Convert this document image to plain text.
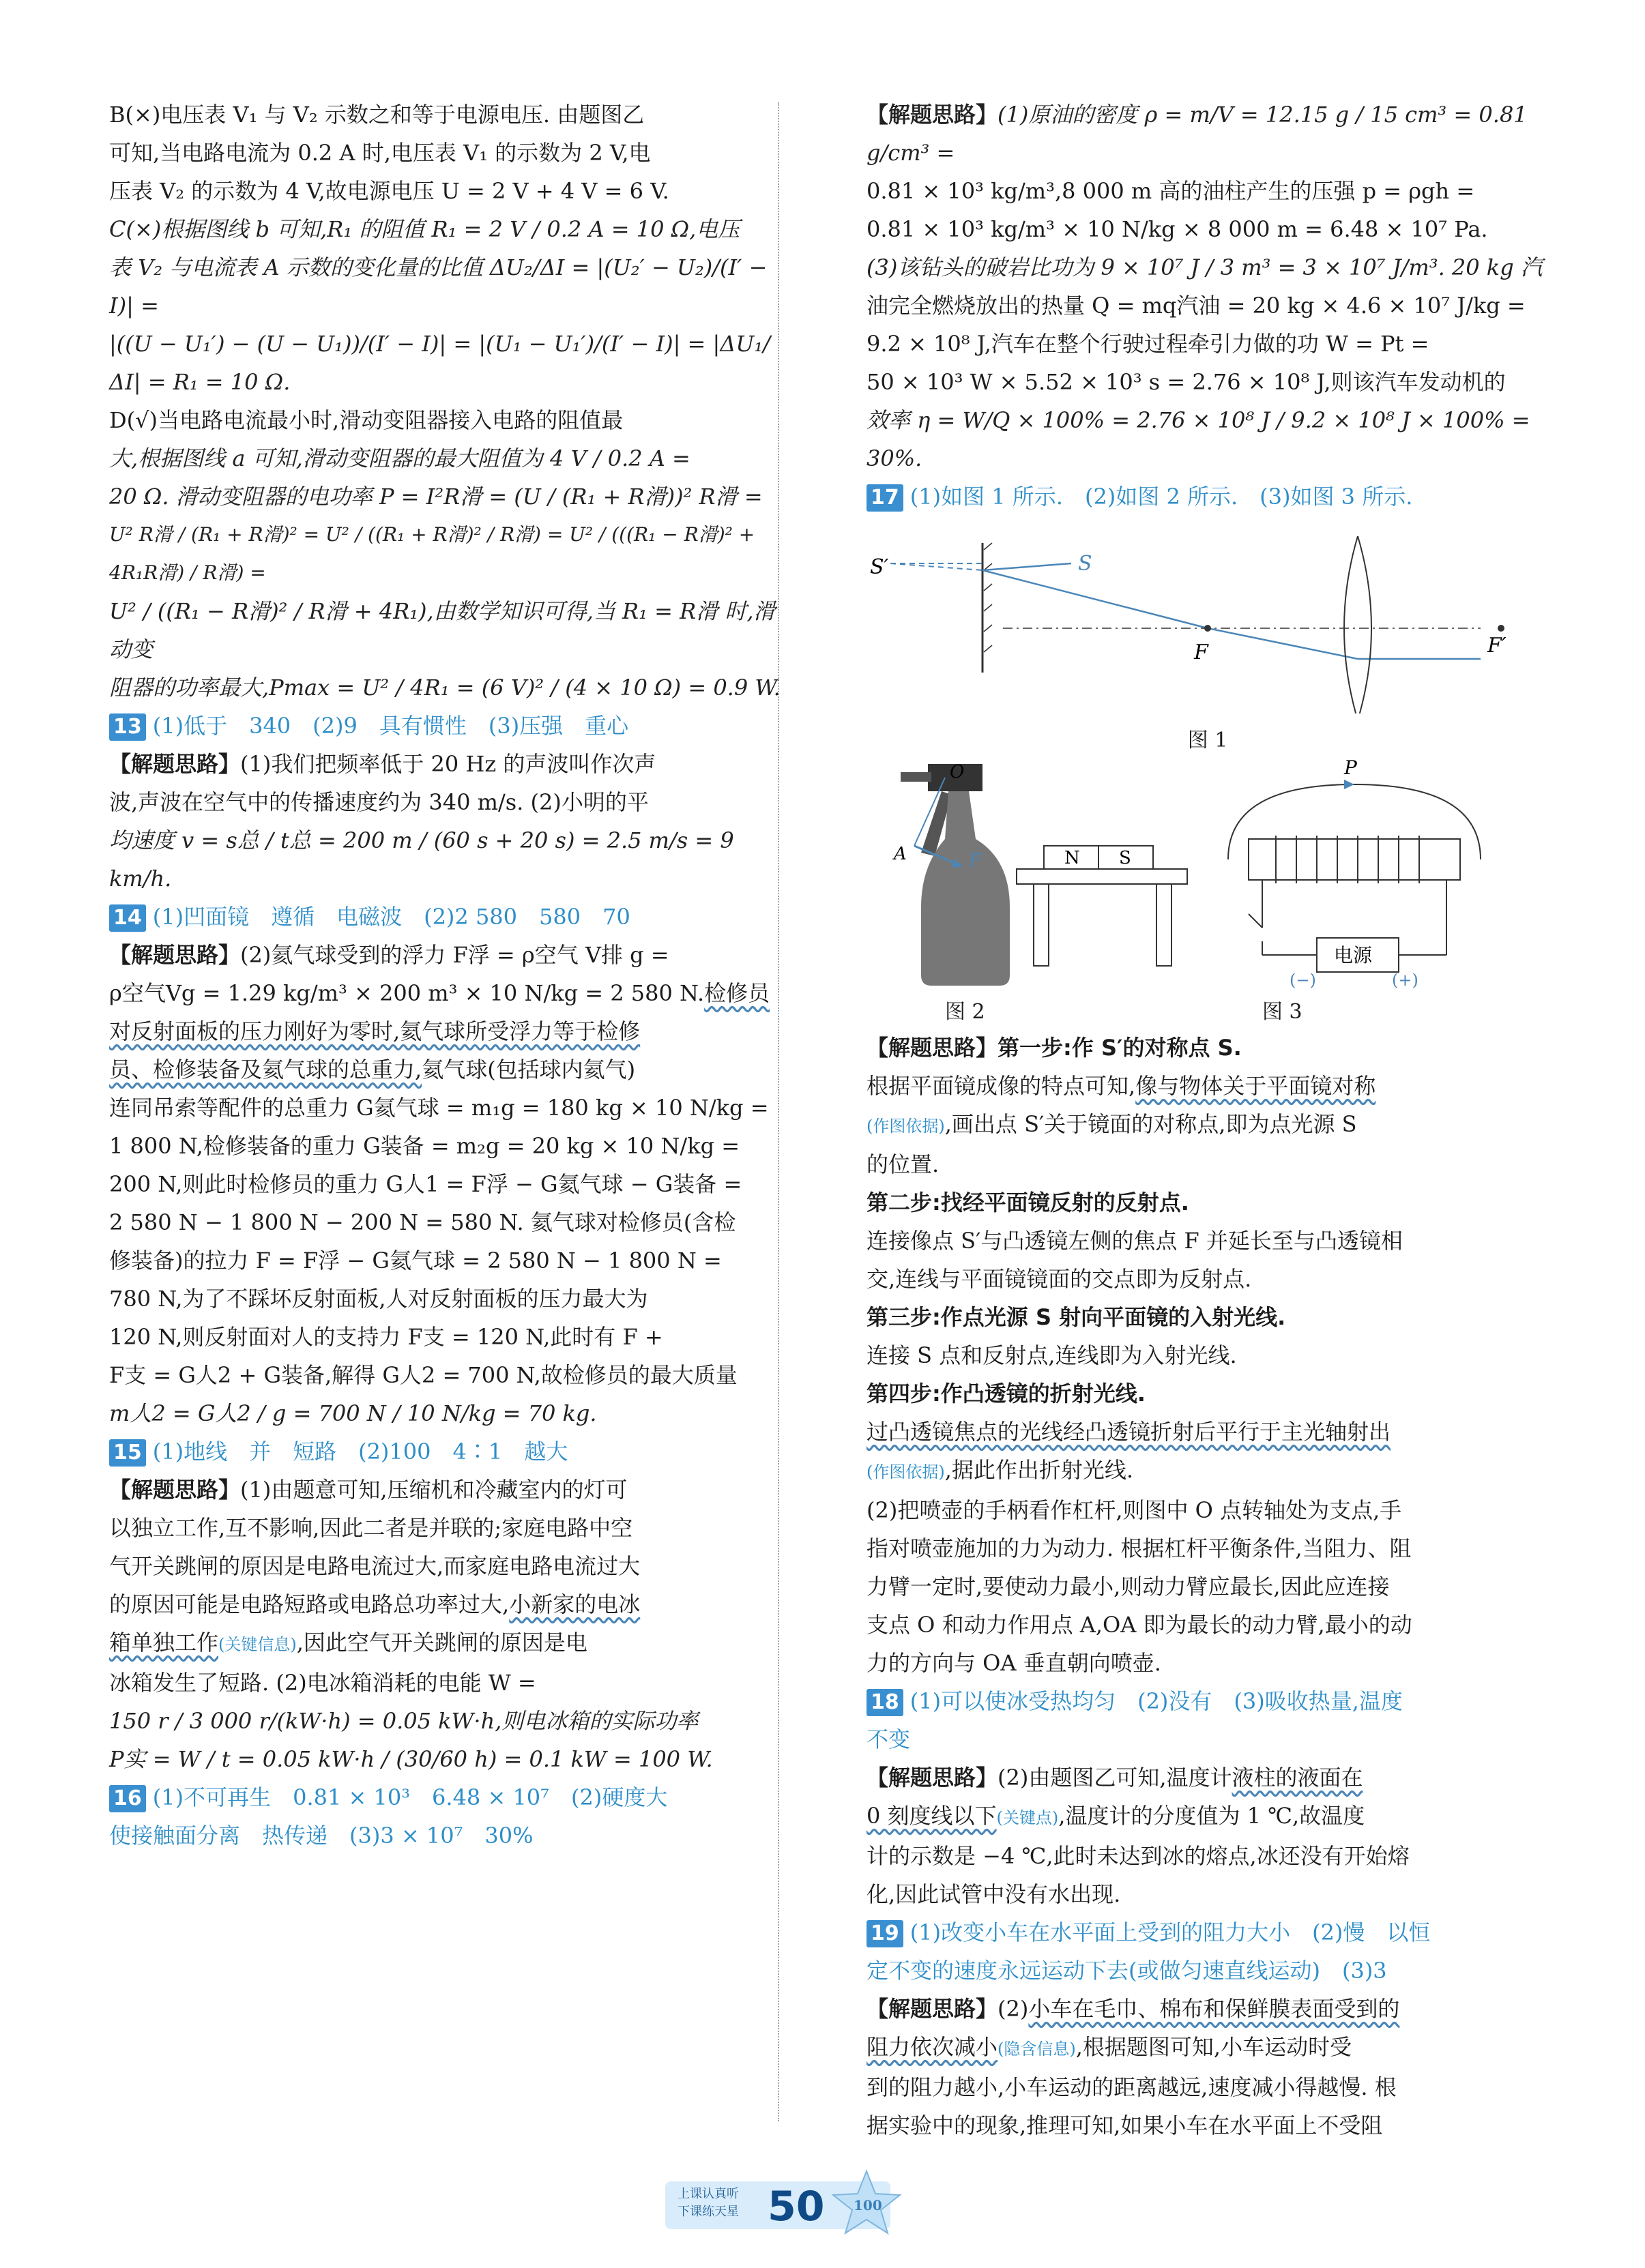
B(×)电压表 V₁ 与 V₂ 示数之和等于电源电压. 由题图乙

可知,当电路电流为 0.2 A 时,电压表 V₁ 的示数为 2 V,电

压表 V₂ 的示数为 4 V,故电源电压 U = 2 V + 4 V = 6 V.

C(×)根据图线 b 可知,R₁ 的阻值 R₁ = 2 V / 0.2 A = 10 Ω,电压

表 V₂ 与电流表 A 示数的变化量的比值 ΔU₂/ΔI = |(U₂′ − U₂)/(I′ − I)| =

|((U − U₁′) − (U − U₁))/(I′ − I)| = |(U₁ − U₁′)/(I′ − I)| = |ΔU₁/ΔI| = R₁ = 10 Ω.

D(√)当电路电流最小时,滑动变阻器接入电路的阻值最

大,根据图线 a 可知,滑动变阻器的最大阻值为 4 V / 0.2 A =

20 Ω. 滑动变阻器的电功率 P = I²R滑 = (U / (R₁ + R滑))² R滑 =

U² R滑 / (R₁ + R滑)² = U² / ((R₁ + R滑)² / R滑) = U² / (((R₁ − R滑)² + 4R₁R滑) / R滑) =

U² / ((R₁ − R滑)² / R滑 + 4R₁),由数学知识可得,当 R₁ = R滑 时,滑动变

阻器的功率最大,Pmax = U² / 4R₁ = (6 V)² / (4 × 10 Ω) = 0.9 W.

13 (1)低于　340　(2)9　具有惯性　(3)压强　重心

【解题思路】(1)我们把频率低于 20 Hz 的声波叫作次声

波,声波在空气中的传播速度约为 340 m/s. (2)小明的平

均速度 v = s总 / t总 = 200 m / (60 s + 20 s) = 2.5 m/s = 9 km/h.

14 (1)凹面镜　遵循　电磁波　(2)2 580　580　70

【解题思路】(2)氦气球受到的浮力 F浮 = ρ空气 V排 g =

ρ空气Vg = 1.29 kg/m³ × 200 m³ × 10 N/kg = 2 580 N.检修员

对反射面板的压力刚好为零时,氦气球所受浮力等于检修

员、检修装备及氦气球的总重力,氦气球(包括球内氦气)

连同吊索等配件的总重力 G氦气球 = m₁g = 180 kg × 10 N/kg =

1 800 N,检修装备的重力 G装备 = m₂g = 20 kg × 10 N/kg =

200 N,则此时检修员的重力 G人1 = F浮 − G氦气球 − G装备 =

2 580 N − 1 800 N − 200 N = 580 N. 氦气球对检修员(含检

修装备)的拉力 F = F浮 − G氦气球 = 2 580 N − 1 800 N =

780 N,为了不踩坏反射面板,人对反射面板的压力最大为

120 N,则反射面对人的支持力 F支 = 120 N,此时有 F +

F支 = G人2 + G装备,解得 G人2 = 700 N,故检修员的最大质量

m人2 = G人2 / g = 700 N / 10 N/kg = 70 kg.

15 (1)地线　并　短路　(2)100　4∶1　越大

【解题思路】(1)由题意可知,压缩机和冷藏室内的灯可

以独立工作,互不影响,因此二者是并联的;家庭电路中空

气开关跳闸的原因是电路电流过大,而家庭电路电流过大

的原因可能是电路短路或电路总功率过大,小新家的电冰

箱单独工作(关键信息),因此空气开关跳闸的原因是电

冰箱发生了短路. (2)电冰箱消耗的电能 W =

150 r / 3 000 r/(kW·h) = 0.05 kW·h,则电冰箱的实际功率

P实 = W / t = 0.05 kW·h / (30/60 h) = 0.1 kW = 100 W.

16 (1)不可再生　0.81 × 10³　6.48 × 10⁷　(2)硬度大

使接触面分离　热传递　(3)3 × 10⁷　30%

【解题思路】(1)原油的密度 ρ = m/V = 12.15 g / 15 cm³ = 0.81 g/cm³ =

0.81 × 10³ kg/m³,8 000 m 高的油柱产生的压强 p = ρgh =

0.81 × 10³ kg/m³ × 10 N/kg × 8 000 m = 6.48 × 10⁷ Pa.

(3)该钻头的破岩比功为 9 × 10⁷ J / 3 m³ = 3 × 10⁷ J/m³. 20 kg 汽

油完全燃烧放出的热量 Q = mq汽油 = 20 kg × 4.6 × 10⁷ J/kg =

9.2 × 10⁸ J,汽车在整个行驶过程牵引力做的功 W = Pt =

50 × 10³ W × 5.52 × 10³ s = 2.76 × 10⁸ J,则该汽车发动机的

效率 η = W/Q × 100% = 2.76 × 10⁸ J / 9.2 × 10⁸ J × 100% = 30%.

17 (1)如图 1 所示.　(2)如图 2 所示.　(3)如图 3 所示.

S′	S
F	F′

图 1

O
A	F	N S
P
电源
(−)	(+)
图 2	图 3

【解题思路】第一步:作 S′的对称点 S.

根据平面镜成像的特点可知,像与物体关于平面镜对称

(作图依据),画出点 S′关于镜面的对称点,即为点光源 S

的位置.

第二步:找经平面镜反射的反射点.

连接像点 S′与凸透镜左侧的焦点 F 并延长至与凸透镜相

交,连线与平面镜镜面的交点即为反射点.

第三步:作点光源 S 射向平面镜的入射光线.

连接 S 点和反射点,连线即为入射光线.

第四步:作凸透镜的折射光线.

过凸透镜焦点的光线经凸透镜折射后平行于主光轴射出

(作图依据),据此作出折射光线.

(2)把喷壶的手柄看作杠杆,则图中 O 点转轴处为支点,手

指对喷壶施加的力为动力. 根据杠杆平衡条件,当阻力、阻

力臂一定时,要使动力最小,则动力臂应最长,因此应连接

支点 O 和动力作用点 A,OA 即为最长的动力臂,最小的动

力的方向与 OA 垂直朝向喷壶.

18 (1)可以使冰受热均匀　(2)没有　(3)吸收热量,温度

不变

【解题思路】(2)由题图乙可知,温度计液柱的液面在

0 刻度线以下(关键点),温度计的分度值为 1 ℃,故温度

计的示数是 −4 ℃,此时未达到冰的熔点,冰还没有开始熔

化,因此试管中没有水出现.

19 (1)改变小车在水平面上受到的阻力大小　(2)慢　以恒

定不变的速度永远运动下去(或做匀速直线运动)　(3)3

【解题思路】(2)小车在毛巾、棉布和保鲜膜表面受到的

阻力依次减小(隐含信息),根据题图可知,小车运动时受

到的阻力越小,小车运动的距离越远,速度减小得越慢. 根

据实验中的现象,推理可知,如果小车在水平面上不受阻

上课认真听
下课练天星 50 100
